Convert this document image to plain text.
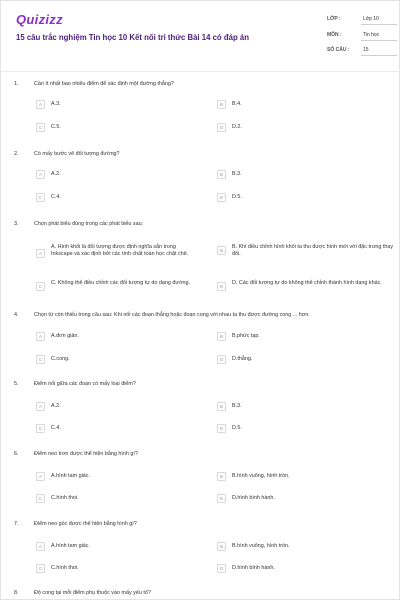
Quizizz
15 câu trắc nghiệm Tin học 10 Kết nối tri thức Bài 14 có đáp án
LỚP :	Lớp 10
MÔN :	Tin học
SỐ CÂU :	15
1.	Cần ít nhất bao nhiêu điểm để xác định một đường thẳng?
A	A.3.	B	B.4.
C	C.5.	D	D.2.
2.	Có mấy bước vẽ đối tượng đường?
A	A.2.	B	B.3.
C	C.4.	D	D.5.
3.	Chọn phát biểu đúng trong các phát biểu sau:
A
A. Hình khối là đối tượng được định nghĩa sẵn trong Inkscape và xác định bởi các tính chất toán học chặt chẽ.
B
B. Khi điều chỉnh hình khối ta thu được hình mới với đặc trưng thay đổi.
C
C. Không thể điều chỉnh các đối tượng tự do dạng đường.
D
D. Các đối tượng tự do không thể chỉnh thành hình dạng khác.
4.	Chọn từ còn thiếu trong câu sau: Khi nối các đoạn thẳng hoặc đoạn cong với nhau ta thu được đường cong ... hơn.
A	A.đơn giản.	B	B.phức tạp.
C	C.cong.	D	D.thẳng.
5.	Điểm nối giữa các đoạn có mấy loại điểm?
A	A.2.	B	B.3.
C	C.4.	D	D.5.
6.	Điểm neo trơn được thể hiện bằng hình gì?
A	A.hình tam giác.	B	B.hình vuông, hình tròn.
C	C.hình thoi.	D	D.hình bình hành.
7.	Điểm neo góc được thể hiện bằng hình gì?
A	A.hình tam giác.	B	B.hình vuông, hình tròn.
C	C.hình thoi.	D	D.hình bình hành.
8.	Độ cong tại mỗi điểm phụ thuộc vào mấy yếu tố?
